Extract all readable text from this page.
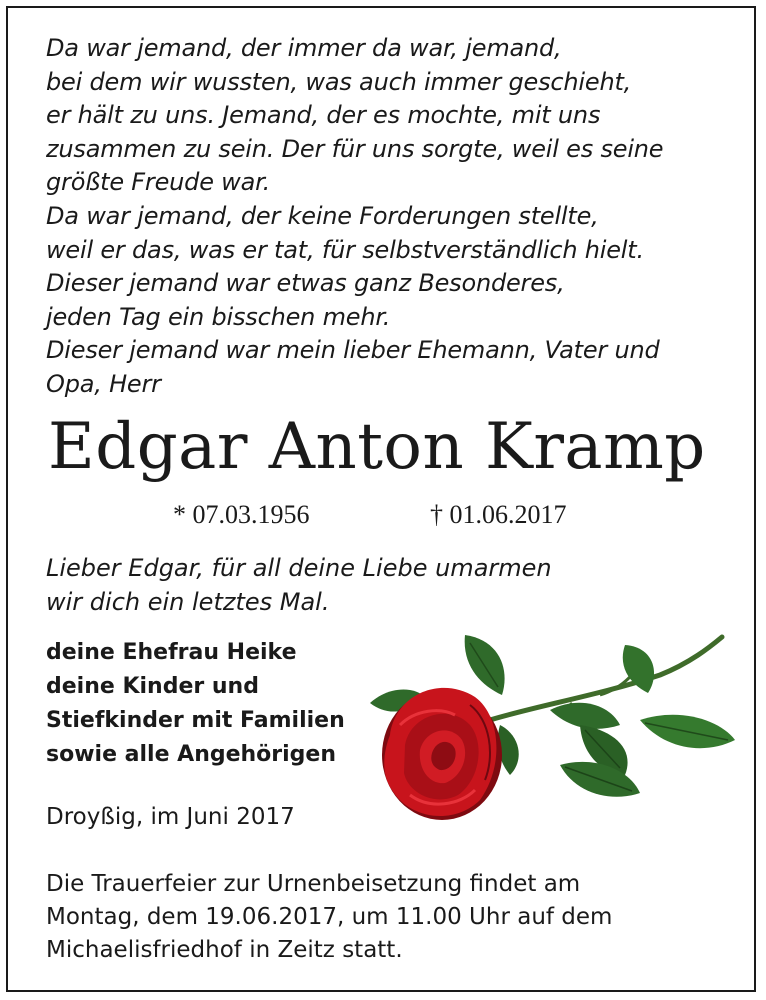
Da war jemand, der immer da war, jemand,
bei dem wir wussten, was auch immer geschieht,
er hält zu uns. Jemand, der es mochte, mit uns
zusammen zu sein. Der für uns sorgte, weil es seine
größte Freude war.
Da war jemand, der keine Forderungen stellte,
weil er das, was er tat, für selbstverständlich hielt.
Dieser jemand war etwas ganz Besonderes,
jeden Tag ein bisschen mehr.
Dieser jemand war mein lieber Ehemann, Vater und
Opa, Herr
Edgar Anton Kramp
* 07.03.1956	† 01.06.2017
Lieber Edgar, für all deine Liebe umarmen
wir dich ein letztes Mal.
deine Ehefrau Heike
deine Kinder und
Stiefkinder mit Familien
sowie alle Angehörigen
Droyßig, im Juni 2017
Die Trauerfeier zur Urnenbeisetzung findet am
Montag, dem 19.06.2017, um 11.00 Uhr auf dem
Michaelisfriedhof in Zeitz statt.
